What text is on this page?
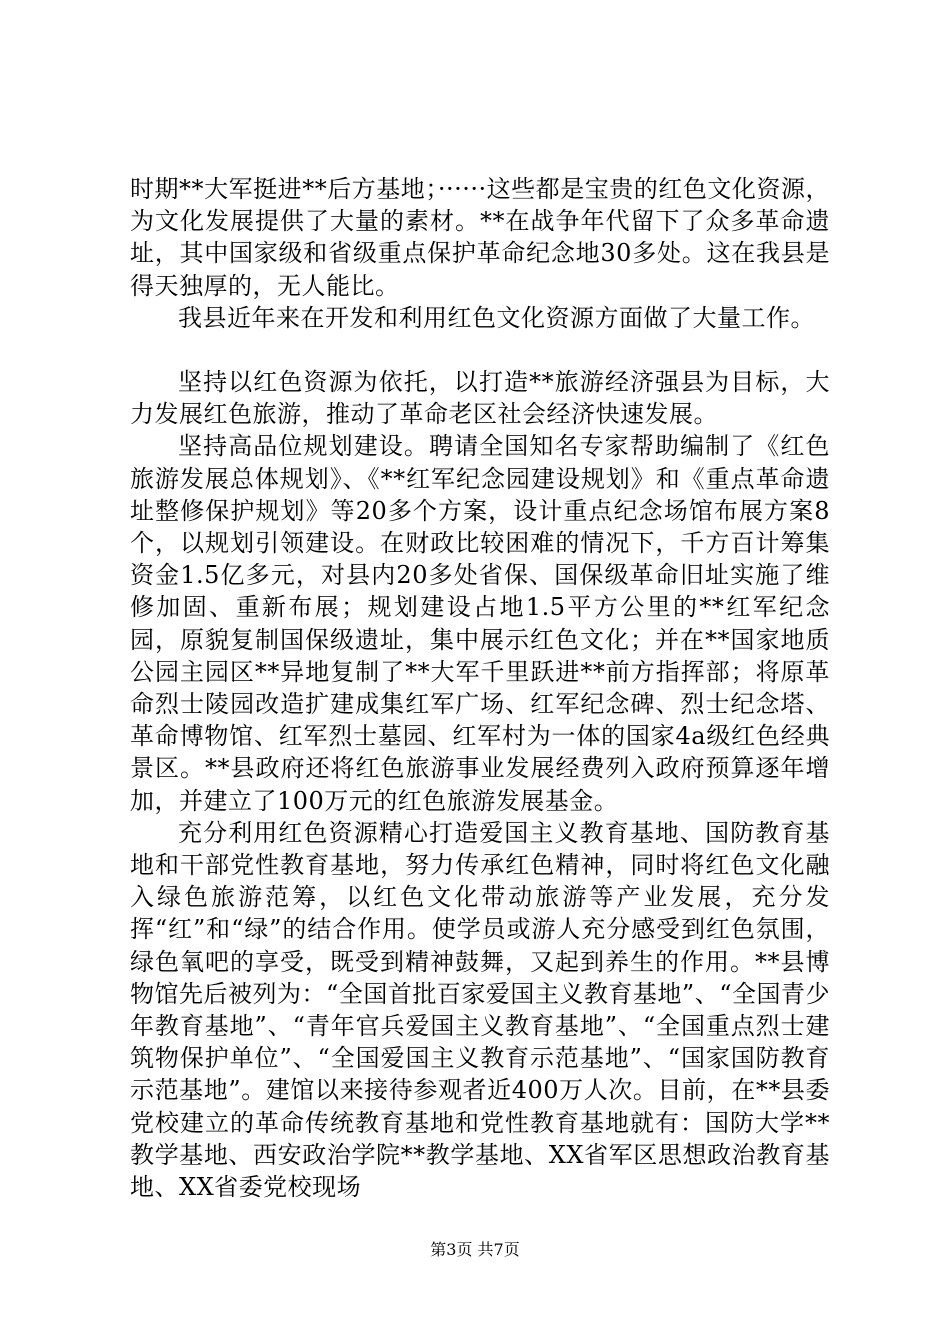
时期**大军挺进**后方基地；······这些都是宝贵的红色文化资源，为文化发展提供了大量的素材。**在战争年代留下了众多革命遗址，其中国家级和省级重点保护革命纪念地30多处。这在我县是得天独厚的，无人能比。

我县近年来在开发和利用红色文化资源方面做了大量工作。

坚持以红色资源为依托，以打造**旅游经济强县为目标，大力发展红色旅游，推动了革命老区社会经济快速发展。

坚持高品位规划建设。聘请全国知名专家帮助编制了《红色旅游发展总体规划》、《**红军纪念园建设规划》和《重点革命遗址整修保护规划》等20多个方案，设计重点纪念场馆布展方案8个，以规划引领建设。在财政比较困难的情况下，千方百计筹集资金1.5亿多元，对县内20多处省保、国保级革命旧址实施了维修加固、重新布展；规划建设占地1.5平方公里的**红军纪念园，原貌复制国保级遗址，集中展示红色文化；并在**国家地质公园主园区**异地复制了**大军千里跃进**前方指挥部；将原革命烈士陵园改造扩建成集红军广场、红军纪念碑、烈士纪念塔、革命博物馆、红军烈士墓园、红军村为一体的国家4a级红色经典景区。**县政府还将红色旅游事业发展经费列入政府预算逐年增加，并建立了100万元的红色旅游发展基金。

充分利用红色资源精心打造爱国主义教育基地、国防教育基地和干部党性教育基地，努力传承红色精神，同时将红色文化融入绿色旅游范筹，以红色文化带动旅游等产业发展，充分发挥“红”和“绿”的结合作用。使学员或游人充分感受到红色氛围，绿色氧吧的享受，既受到精神鼓舞，又起到养生的作用。**县博物馆先后被列为：“全国首批百家爱国主义教育基地”、“全国青少年教育基地”、“青年官兵爱国主义教育基地”、“全国重点烈士建筑物保护单位”、“全国爱国主义教育示范基地”、“国家国防教育示范基地”。建馆以来接待参观者近400万人次。目前，在**县委党校建立的革命传统教育基地和党性教育基地就有：国防大学**教学基地、西安政治学院**教学基地、XX省军区思想政治教育基地、XX省委党校现场

第3页 共7页
